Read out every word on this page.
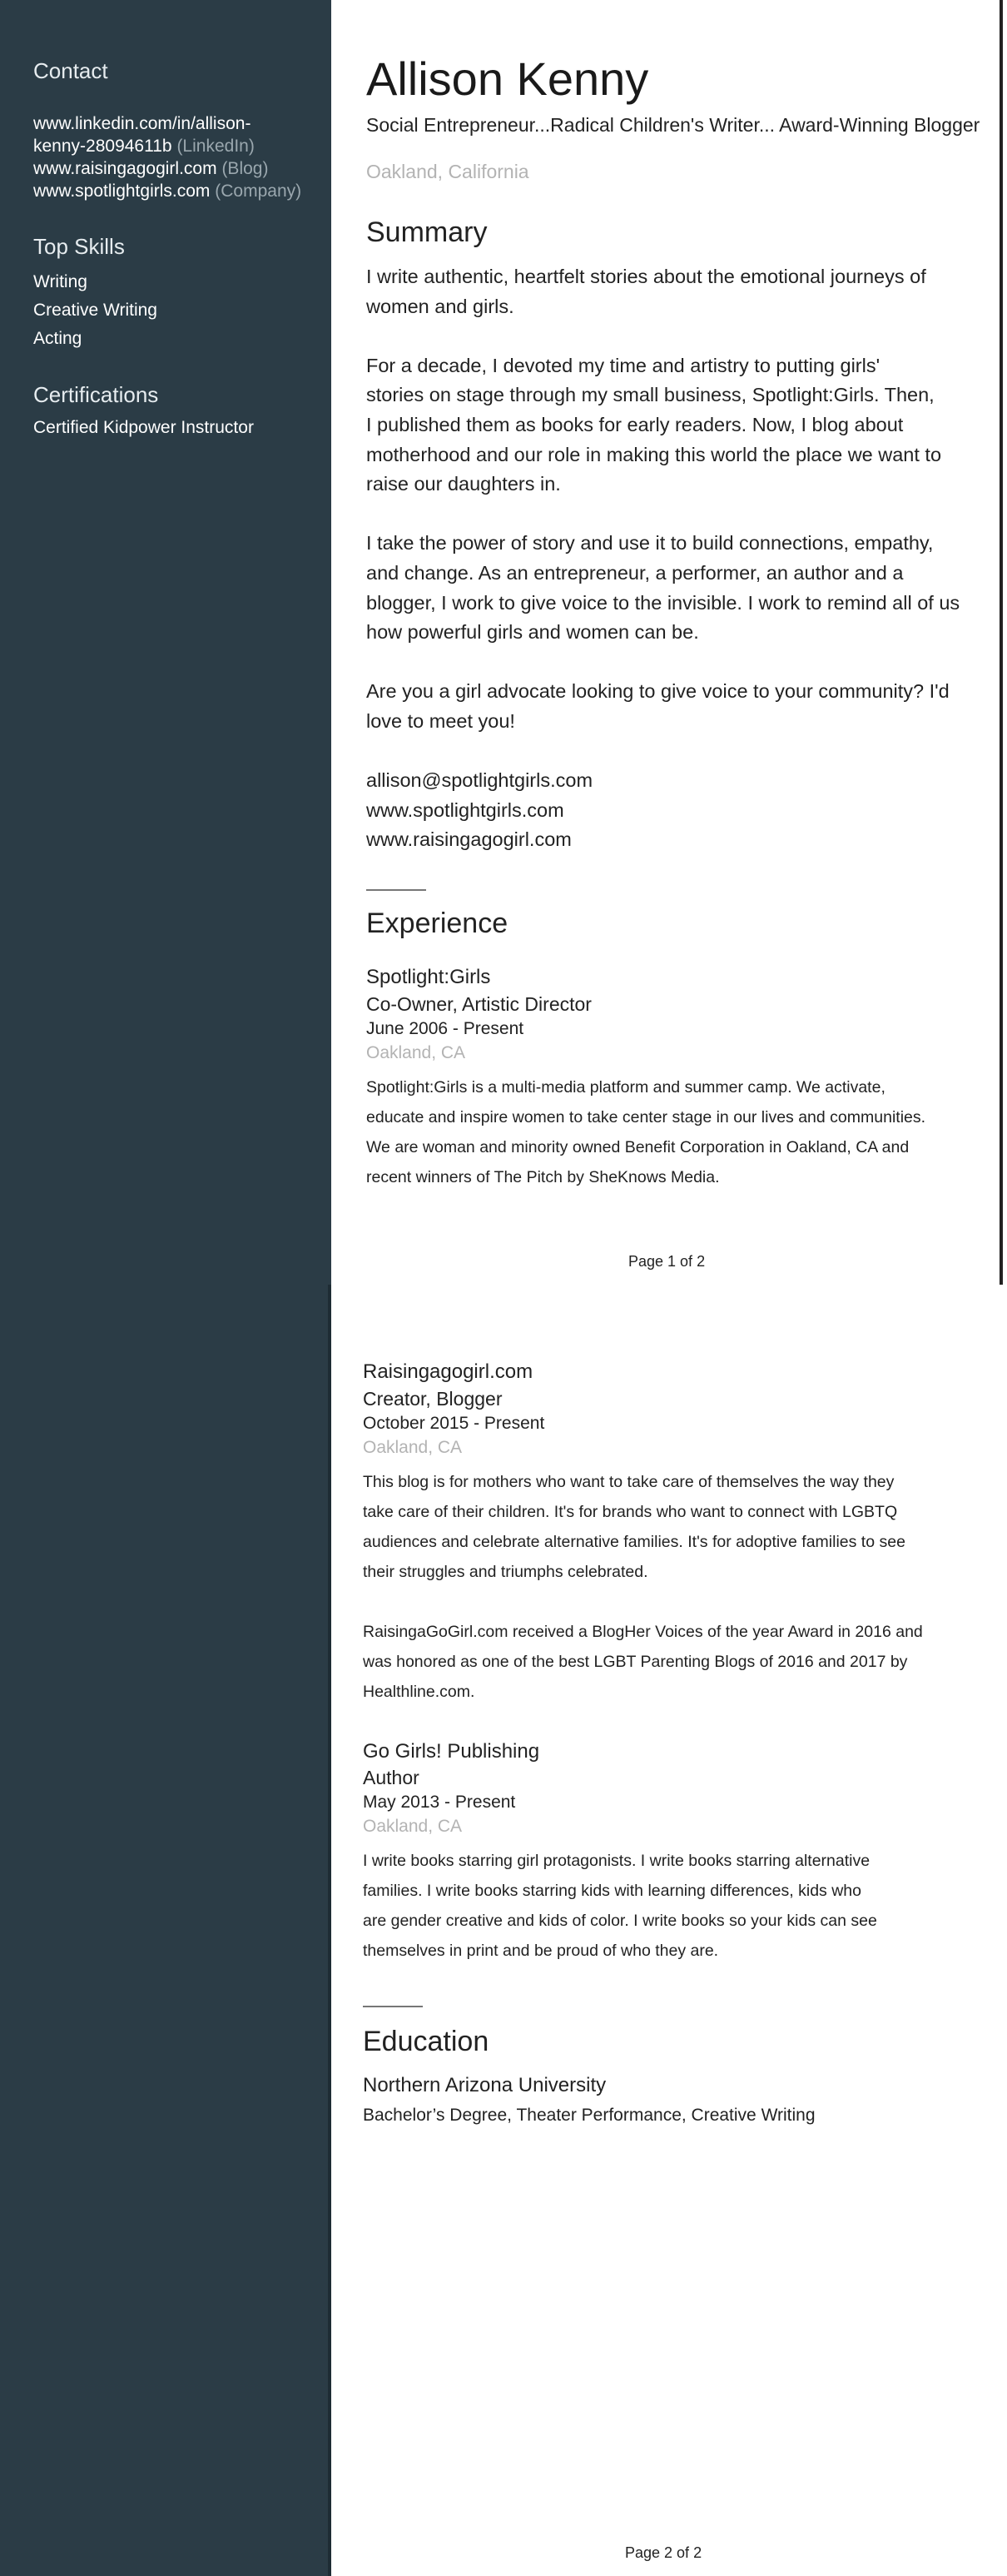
Contact
www.linkedin.com/in/allison-
kenny-28094611b (LinkedIn)
www.raisingagogirl.com (Blog)
www.spotlightgirls.com (Company)
Top Skills
Writing
Creative Writing
Acting
Certifications
Certified Kidpower Instructor
Allison Kenny
Social Entrepreneur...Radical Children's Writer... Award-Winning Blogger
Oakland, California
Summary
I write authentic, heartfelt stories about the emotional journeys of
women and girls.

For a decade, I devoted my time and artistry to putting girls'
stories on stage through my small business, Spotlight:Girls. Then,
I published them as books for early readers. Now, I blog about
motherhood and our role in making this world the place we want to
raise our daughters in.

I take the power of story and use it to build connections, empathy,
and change. As an entrepreneur, a performer, an author and a
blogger, I work to give voice to the invisible. I work to remind all of us
how powerful girls and women can be.

Are you a girl advocate looking to give voice to your community? I'd
love to meet you!

allison@spotlightgirls.com
www.spotlightgirls.com
www.raisingagogirl.com
Experience
Spotlight:Girls
Co-Owner, Artistic Director
June 2006 - Present
Oakland, CA
Spotlight:Girls is a multi-media platform and summer camp. We activate,
educate and inspire women to take center stage in our lives and communities.
We are woman and minority owned Benefit Corporation in Oakland, CA and
recent winners of The Pitch by SheKnows Media.
Page 1 of 2
Raisingagogirl.com
Creator, Blogger
October 2015 - Present
Oakland, CA
This blog is for mothers who want to take care of themselves the way they
take care of their children. It's for brands who want to connect with LGBTQ
audiences and celebrate alternative families. It's for adoptive families to see
their struggles and triumphs celebrated.

RaisingaGoGirl.com received a BlogHer Voices of the year Award in 2016 and
was honored as one of the best LGBT Parenting Blogs of 2016 and 2017 by
Healthline.com.
Go Girls! Publishing
Author
May 2013 - Present
Oakland, CA
I write books starring girl protagonists. I write books starring alternative
families. I write books starring kids with learning differences, kids who
are gender creative and kids of color. I write books so your kids can see
themselves in print and be proud of who they are.
Education
Northern Arizona University
Bachelor’s Degree, Theater Performance, Creative Writing
Page 2 of 2
